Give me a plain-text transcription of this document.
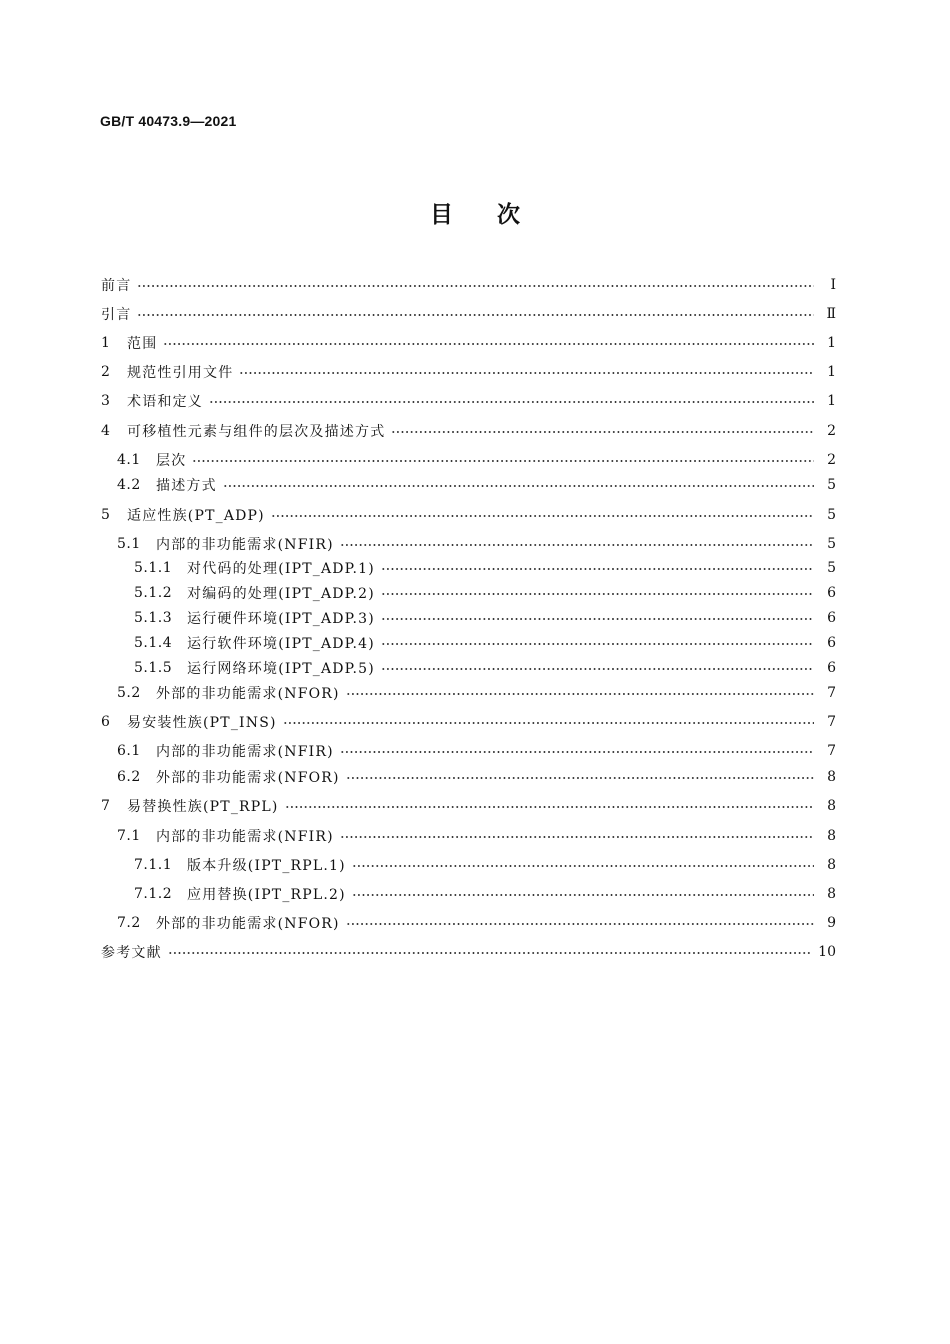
GB/T 40473.9—2021
目次
前言	Ⅰ
引言	Ⅱ
1	范围	1
2	规范性引用文件	1
3	术语和定义	1
4	可移植性元素与组件的层次及描述方式	2
4.1	层次	2
4.2	描述方式	5
5	适应性族(PT_ADP)	5
5.1	内部的非功能需求(NFIR)	5
5.1.1	对代码的处理(IPT_ADP.1)	5
5.1.2	对编码的处理(IPT_ADP.2)	6
5.1.3	运行硬件环境(IPT_ADP.3)	6
5.1.4	运行软件环境(IPT_ADP.4)	6
5.1.5	运行网络环境(IPT_ADP.5)	6
5.2	外部的非功能需求(NFOR)	7
6	易安装性族(PT_INS)	7
6.1	内部的非功能需求(NFIR)	7
6.2	外部的非功能需求(NFOR)	8
7	易替换性族(PT_RPL)	8
7.1	内部的非功能需求(NFIR)	8
7.1.1	版本升级(IPT_RPL.1)	8
7.1.2	应用替换(IPT_RPL.2)	8
7.2	外部的非功能需求(NFOR)	9
参考文献	10
